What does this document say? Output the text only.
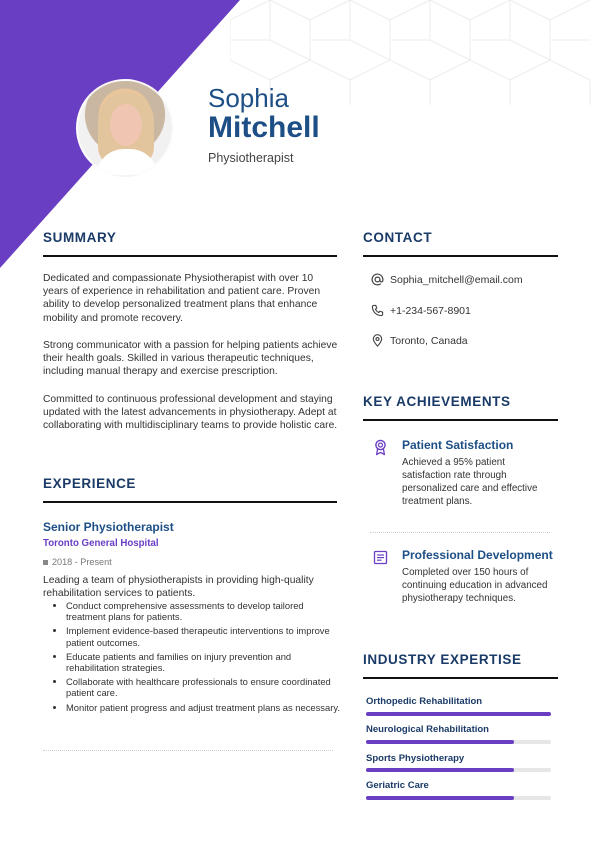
Sophia
Mitchell
Physiotherapist
SUMMARY
Dedicated and compassionate Physiotherapist with over 10 years of experience in rehabilitation and patient care. Proven ability to develop personalized treatment plans that enhance mobility and promote recovery.
Strong communicator with a passion for helping patients achieve their health goals. Skilled in various therapeutic techniques, including manual therapy and exercise prescription.
Committed to continuous professional development and staying updated with the latest advancements in physiotherapy. Adept at collaborating with multidisciplinary teams to provide holistic care.
EXPERIENCE
Senior Physiotherapist
Toronto General Hospital
2018 - Present
Leading a team of physiotherapists in providing high-quality rehabilitation services to patients.
• Conduct comprehensive assessments to develop tailored treatment plans for patients.
• Implement evidence-based therapeutic interventions to improve patient outcomes.
• Educate patients and families on injury prevention and rehabilitation strategies.
• Collaborate with healthcare professionals to ensure coordinated patient care.
• Monitor patient progress and adjust treatment plans as necessary.
CONTACT
Sophia_mitchell@email.com
+1-234-567-8901
Toronto, Canada
KEY ACHIEVEMENTS
Patient Satisfaction
Achieved a 95% patient satisfaction rate through personalized care and effective treatment plans.
Professional Development
Completed over 150 hours of continuing education in advanced physiotherapy techniques.
INDUSTRY EXPERTISE
Orthopedic Rehabilitation
Neurological Rehabilitation
Sports Physiotherapy
Geriatric Care
